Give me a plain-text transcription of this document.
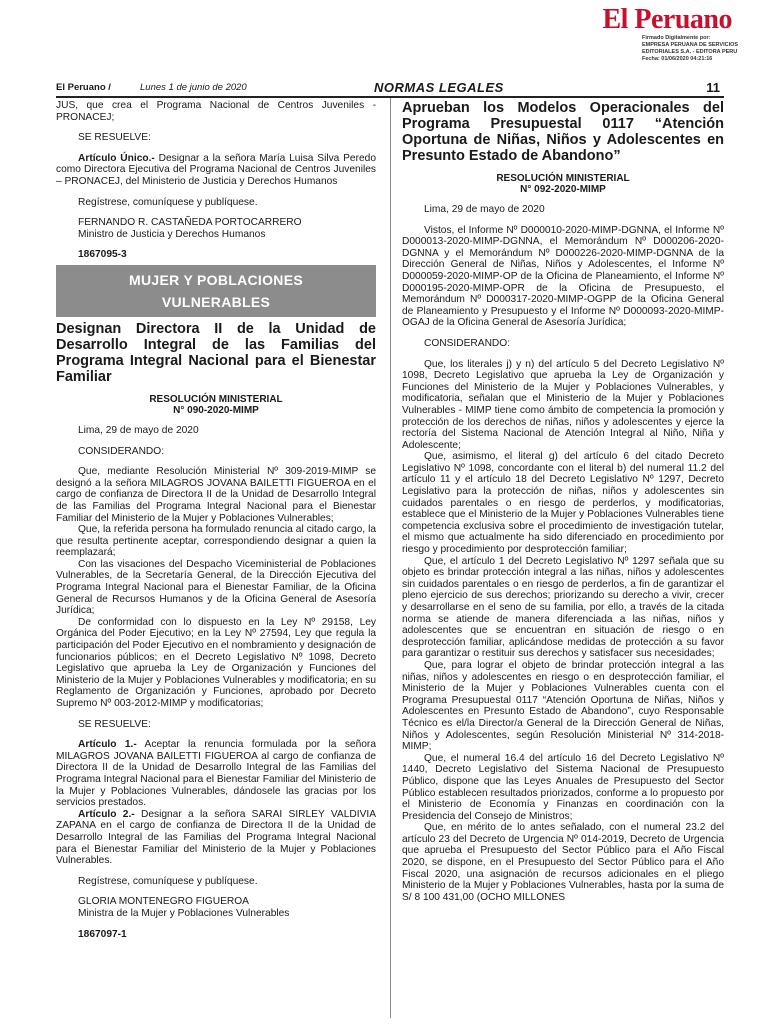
El Peruano
Firmado Digitalmente por:
EMPRESA PERUANA DE SERVICIOS
EDITORIALES S.A. - EDITORA PERU
Fecha: 01/06/2020 04:21:16
El Peruano /	Lunes 1 de junio de 2020	NORMAS LEGALES	11

JUS, que crea el Programa Nacional de Centros Juveniles - PRONACEJ;

SE RESUELVE:

Artículo Único.- Designar a la señora María Luisa Silva Peredo como Directora Ejecutiva del Programa Nacional de Centros Juveniles – PRONACEJ, del Ministerio de Justicia y Derechos Humanos

Regístrese, comuníquese y publíquese.

FERNANDO R. CASTAÑEDA PORTOCARRERO

Ministro de Justicia y Derechos Humanos

1867095-3

MUJER Y POBLACIONES
VULNERABLES

Designan Directora II de la Unidad de Desarrollo Integral de las Familias del Programa Integral Nacional para el Bienestar Familiar

RESOLUCIÓN MINISTERIAL
N° 090-2020-MIMP

Lima, 29 de mayo de 2020

CONSIDERANDO:

Que, mediante Resolución Ministerial Nº 309-2019-MIMP se designó a la señora MILAGROS JOVANA BAILETTI FIGUEROA en el cargo de confianza de Directora II de la Unidad de Desarrollo Integral de las Familias del Programa Integral Nacional para el Bienestar Familiar del Ministerio de la Mujer y Poblaciones Vulnerables;

Que, la referida persona ha formulado renuncia al citado cargo, la que resulta pertinente aceptar, correspondiendo designar a quien la reemplazará;

Con las visaciones del Despacho Viceministerial de Poblaciones Vulnerables, de la Secretaría General, de la Dirección Ejecutiva del Programa Integral Nacional para el Bienestar Familiar, de la Oficina General de Recursos Humanos y de la Oficina General de Asesoría Jurídica;

De conformidad con lo dispuesto en la Ley Nº 29158, Ley Orgánica del Poder Ejecutivo; en la Ley Nº 27594, Ley que regula la participación del Poder Ejecutivo en el nombramiento y designación de funcionarios públicos; en el Decreto Legislativo Nº 1098, Decreto Legislativo que aprueba la Ley de Organización y Funciones del Ministerio de la Mujer y Poblaciones Vulnerables y modificatoria; en su Reglamento de Organización y Funciones, aprobado por Decreto Supremo Nº 003-2012-MIMP y modificatorias;

SE RESUELVE:

Artículo 1.- Aceptar la renuncia formulada por la señora MILAGROS JOVANA BAILETTI FIGUEROA al cargo de confianza de Directora II de la Unidad de Desarrollo Integral de las Familias del Programa Integral Nacional para el Bienestar Familiar del Ministerio de la Mujer y Poblaciones Vulnerables, dándosele las gracias por los servicios prestados.

Artículo 2.- Designar a la señora SARAI SIRLEY VALDIVIA ZAPANA en el cargo de confianza de Directora II de la Unidad de Desarrollo Integral de las Familias del Programa Integral Nacional para el Bienestar Familiar del Ministerio de la Mujer y Poblaciones Vulnerables.

Regístrese, comuníquese y publíquese.

GLORIA MONTENEGRO FIGUEROA

Ministra de la Mujer y Poblaciones Vulnerables

1867097-1

Aprueban los Modelos Operacionales del Programa Presupuestal 0117 “Atención Oportuna de Niñas, Niños y Adolescentes en Presunto Estado de Abandono”

RESOLUCIÓN MINISTERIAL
N° 092-2020-MIMP

Lima, 29 de mayo de 2020

Vistos, el Informe Nº D000010-2020-MIMP-DGNNA, el Informe Nº D000013-2020-MIMP-DGNNA, el Memorándum Nº D000206-2020-DGNNA y el Memorándum Nº D000226-2020-MIMP-DGNNA de la Dirección General de Niñas, Niños y Adolescentes, el Informe Nº D000059-2020-MIMP-OP de la Oficina de Planeamiento, el Informe Nº D000195-2020-MIMP-OPR de la Oficina de Presupuesto, el Memorándum Nº D000317-2020-MIMP-OGPP de la Oficina General de Planeamiento y Presupuesto y el Informe Nº D000093-2020-MIMP-OGAJ de la Oficina General de Asesoría Jurídica;

CONSIDERANDO:

Que, los literales j) y n) del artículo 5 del Decreto Legislativo Nº 1098, Decreto Legislativo que aprueba la Ley de Organización y Funciones del Ministerio de la Mujer y Poblaciones Vulnerables, y modificatoria, señalan que el Ministerio de la Mujer y Poblaciones Vulnerables - MIMP tiene como ámbito de competencia la promoción y protección de los derechos de niñas, niños y adolescentes y ejerce la rectoría del Sistema Nacional de Atención Integral al Niño, Niña y Adolescente;

Que, asimismo, el literal g) del artículo 6 del citado Decreto Legislativo Nº 1098, concordante con el literal b) del numeral 11.2 del artículo 11 y el artículo 18 del Decreto Legislativo Nº 1297, Decreto Legislativo para la protección de niñas, niños y adolescentes sin cuidados parentales o en riesgo de perderlos, y modificatorias, establece que el Ministerio de la Mujer y Poblaciones Vulnerables tiene competencia exclusiva sobre el procedimiento de investigación tutelar, el mismo que actualmente ha sido diferenciado en procedimiento por riesgo y procedimiento por desprotección familiar;

Que, el artículo 1 del Decreto Legislativo Nº 1297 señala que su objeto es brindar protección integral a las niñas, niños y adolescentes sin cuidados parentales o en riesgo de perderlos, a fin de garantizar el pleno ejercicio de sus derechos; priorizando su derecho a vivir, crecer y desarrollarse en el seno de su familia, por ello, a través de la citada norma se atiende de manera diferenciada a las niñas, niños y adolescentes que se encuentran en situación de riesgo o en desprotección familiar, aplicándose medidas de protección a su favor para garantizar o restituir sus derechos y satisfacer sus necesidades;

Que, para lograr el objeto de brindar protección integral a las niñas, niños y adolescentes en riesgo o en desprotección familiar, el Ministerio de la Mujer y Poblaciones Vulnerables cuenta con el Programa Presupuestal 0117 “Atención Oportuna de Niñas, Niños y Adolescentes en Presunto Estado de Abandono”, cuyo Responsable Técnico es el/la Director/a General de la Dirección General de Niñas, Niños y Adolescentes, según Resolución Ministerial Nº 314-2018-MIMP;

Que, el numeral 16.4 del artículo 16 del Decreto Legislativo Nº 1440, Decreto Legislativo del Sistema Nacional de Presupuesto Público, dispone que las Leyes Anuales de Presupuesto del Sector Público establecen resultados priorizados, conforme a lo propuesto por el Ministerio de Economía y Finanzas en coordinación con la Presidencia del Consejo de Ministros;

Que, en mérito de lo antes señalado, con el numeral 23.2 del artículo 23 del Decreto de Urgencia Nº 014-2019, Decreto de Urgencia que aprueba el Presupuesto del Sector Público para el Año Fiscal 2020, se dispone, en el Presupuesto del Sector Público para el Año Fiscal 2020, una asignación de recursos adicionales en el pliego Ministerio de la Mujer y Poblaciones Vulnerables, hasta por la suma de S/ 8 100 431,00 (OCHO MILLONES
